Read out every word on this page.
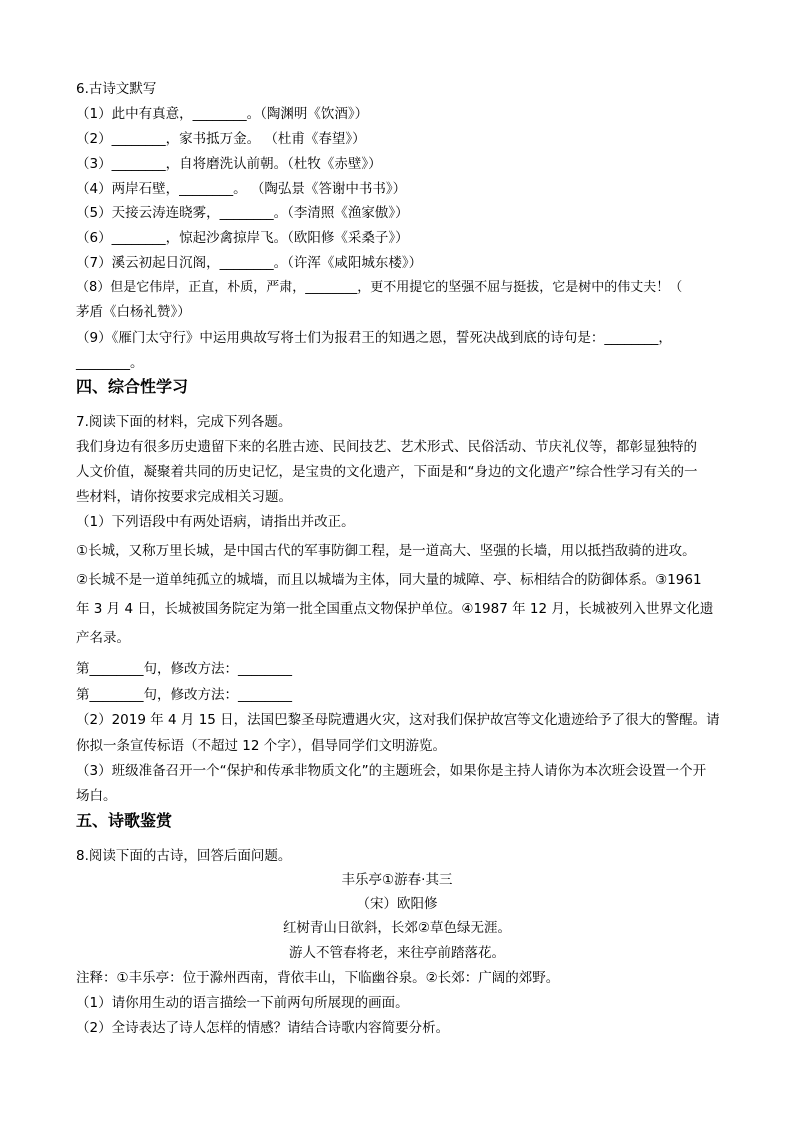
6.古诗文默写
（1）此中有真意，________。（陶渊明《饮酒》）
（2）________，家书抵万金。 （杜甫《春望》）
（3）________，自将磨洗认前朝。（杜牧《赤壁》）
（4）两岸石壁，________。 （陶弘景《答谢中书书》）
（5）天接云涛连晓雾，________。（李清照《渔家傲》）
（6）________，惊起沙禽掠岸飞。（欧阳修《采桑子》）
（7）溪云初起日沉阁，________。（许浑《咸阳城东楼》）
（8）但是它伟岸，正直，朴质，严肃，________，更不用提它的坚强不屈与挺拔，它是树中的伟丈夫！（
茅盾《白杨礼赞》）
（9）《雁门太守行》中运用典故写将士们为报君王的知遇之恩，誓死决战到底的诗句是：________，
________。
四、综合性学习
7.阅读下面的材料，完成下列各题。
我们身边有很多历史遗留下来的名胜古迹、民间技艺、艺术形式、民俗活动、节庆礼仪等，都彰显独特的
人文价值，凝聚着共同的历史记忆，是宝贵的文化遗产，下面是和“身边的文化遗产”综合性学习有关的一
些材料，请你按要求完成相关习题。
（1）下列语段中有两处语病，请指出并改正。
①长城，又称万里长城，是中国古代的军事防御工程，是一道高大、坚强的长墙，用以抵挡敌骑的进攻。
②长城不是一道单纯孤立的城墙，而且以城墙为主体，同大量的城障、亭、标相结合的防御体系。③1961
年 3 月 4 日，长城被国务院定为第一批全国重点文物保护单位。④1987 年 12 月，长城被列入世界文化遗
产名录。
第________句，修改方法：________
第________句，修改方法：________
（2）2019 年 4 月 15 日，法国巴黎圣母院遭遇火灾，这对我们保护故宫等文化遗迹给予了很大的警醒。请
你拟一条宣传标语（不超过 12 个字），倡导同学们文明游览。
（3）班级准备召开一个“保护和传承非物质文化”的主题班会，如果你是主持人请你为本次班会设置一个开
场白。
五、诗歌鉴赏
8.阅读下面的古诗，回答后面问题。
丰乐亭①游春·其三
（宋）欧阳修
红树青山日欲斜，长郊②草色绿无涯。
游人不管春将老，来往亭前踏落花。
注释：①丰乐亭：位于滁州西南，背依丰山，下临幽谷泉。②长郊：广阔的郊野。
（1）请你用生动的语言描绘一下前两句所展现的画面。
（2）全诗表达了诗人怎样的情感？请结合诗歌内容简要分析。
